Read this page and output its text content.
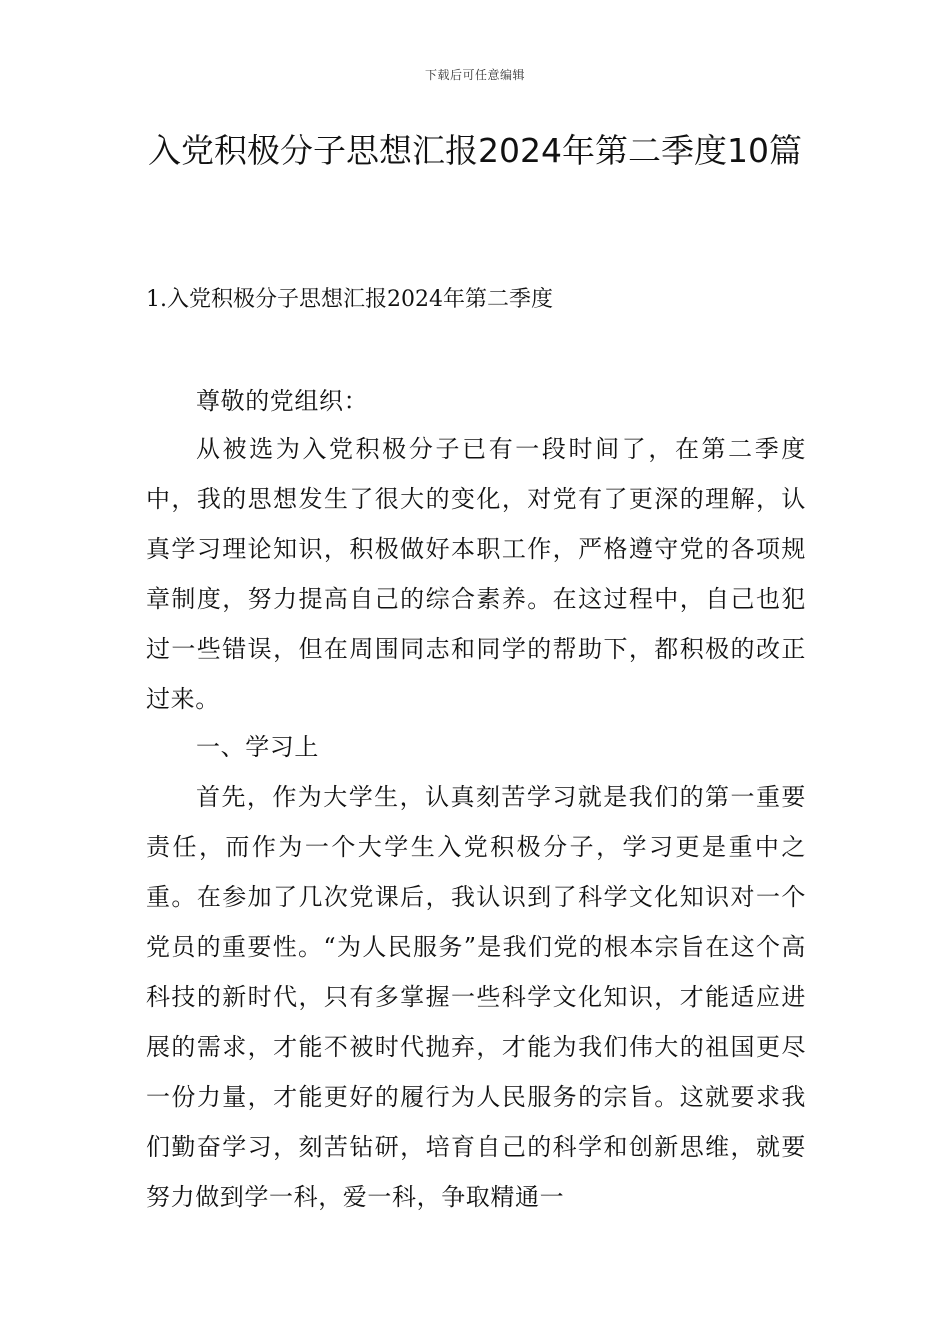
下载后可任意编辑
入党积极分子思想汇报2024年第二季度10篇
1.入党积极分子思想汇报2024年第二季度

尊敬的党组织：

从被选为入党积极分子已有一段时间了，在第二季度中，我的思想发生了很大的变化，对党有了更深的理解，认真学习理论知识，积极做好本职工作，严格遵守党的各项规章制度，努力提高自己的综合素养。在这过程中，自己也犯过一些错误，但在周围同志和同学的帮助下，都积极的改正过来。

一、学习上

首先，作为大学生，认真刻苦学习就是我们的第一重要责任，而作为一个大学生入党积极分子，学习更是重中之重。在参加了几次党课后，我认识到了科学文化知识对一个党员的重要性。“为人民服务”是我们党的根本宗旨在这个高科技的新时代，只有多掌握一些科学文化知识，才能适应进展的需求，才能不被时代抛弃，才能为我们伟大的祖国更尽一份力量，才能更好的履行为人民服务的宗旨。这就要求我们勤奋学习，刻苦钻研，培育自己的科学和创新思维，就要努力做到学一科，爱一科，争取精通一
